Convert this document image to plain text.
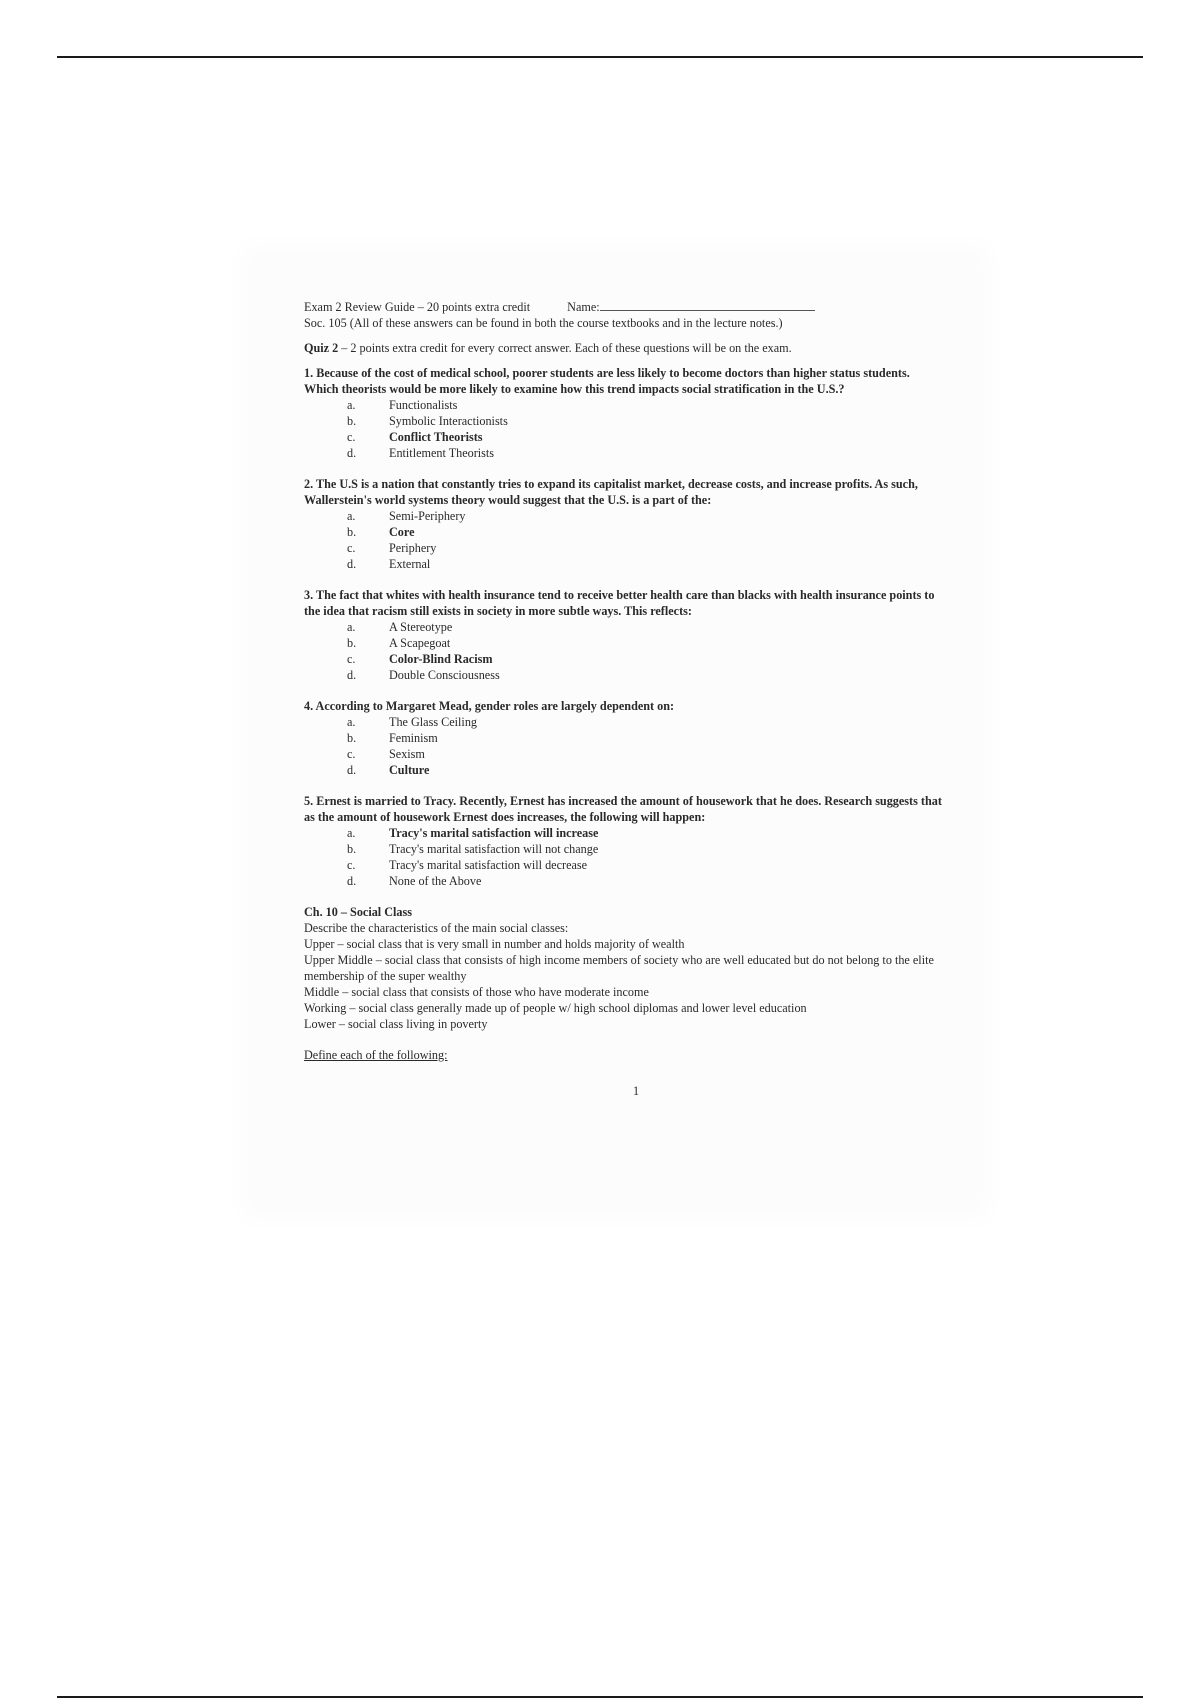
Exam 2 Review Guide – 20 points extra credit	Name:
Soc. 105 (All of these answers can be found in both the course textbooks and in the lecture notes.)
Quiz 2 – 2 points extra credit for every correct answer. Each of these questions will be on the exam.
1. Because of the cost of medical school, poorer students are less likely to become doctors than higher status students. Which theorists would be more likely to examine how this trend impacts social stratification in the U.S.?
a.	Functionalists
b.	Symbolic Interactionists
c.	Conflict Theorists
d.	Entitlement Theorists
2. The U.S is a nation that constantly tries to expand its capitalist market, decrease costs, and increase profits. As such, Wallerstein's world systems theory would suggest that the U.S. is a part of the:
a.	Semi-Periphery
b.	Core
c.	Periphery
d.	External
3. The fact that whites with health insurance tend to receive better health care than blacks with health insurance points to the idea that racism still exists in society in more subtle ways. This reflects:
a.	A Stereotype
b.	A Scapegoat
c.	Color-Blind Racism
d.	Double Consciousness
4. According to Margaret Mead, gender roles are largely dependent on:
a.	The Glass Ceiling
b.	Feminism
c.	Sexism
d.	Culture
5. Ernest is married to Tracy. Recently, Ernest has increased the amount of housework that he does. Research suggests that as the amount of housework Ernest does increases, the following will happen:
a.	Tracy's marital satisfaction will increase
b.	Tracy's marital satisfaction will not change
c.	Tracy's marital satisfaction will decrease
d.	None of the Above
Ch. 10 – Social Class
Describe the characteristics of the main social classes:
Upper – social class that is very small in number and holds majority of wealth
Upper Middle – social class that consists of high income members of society who are well educated but do not belong to the elite membership of the super wealthy
Middle – social class that consists of those who have moderate income
Working – social class generally made up of people w/ high school diplomas and lower level education
Lower – social class living in poverty
Define each of the following:
1
